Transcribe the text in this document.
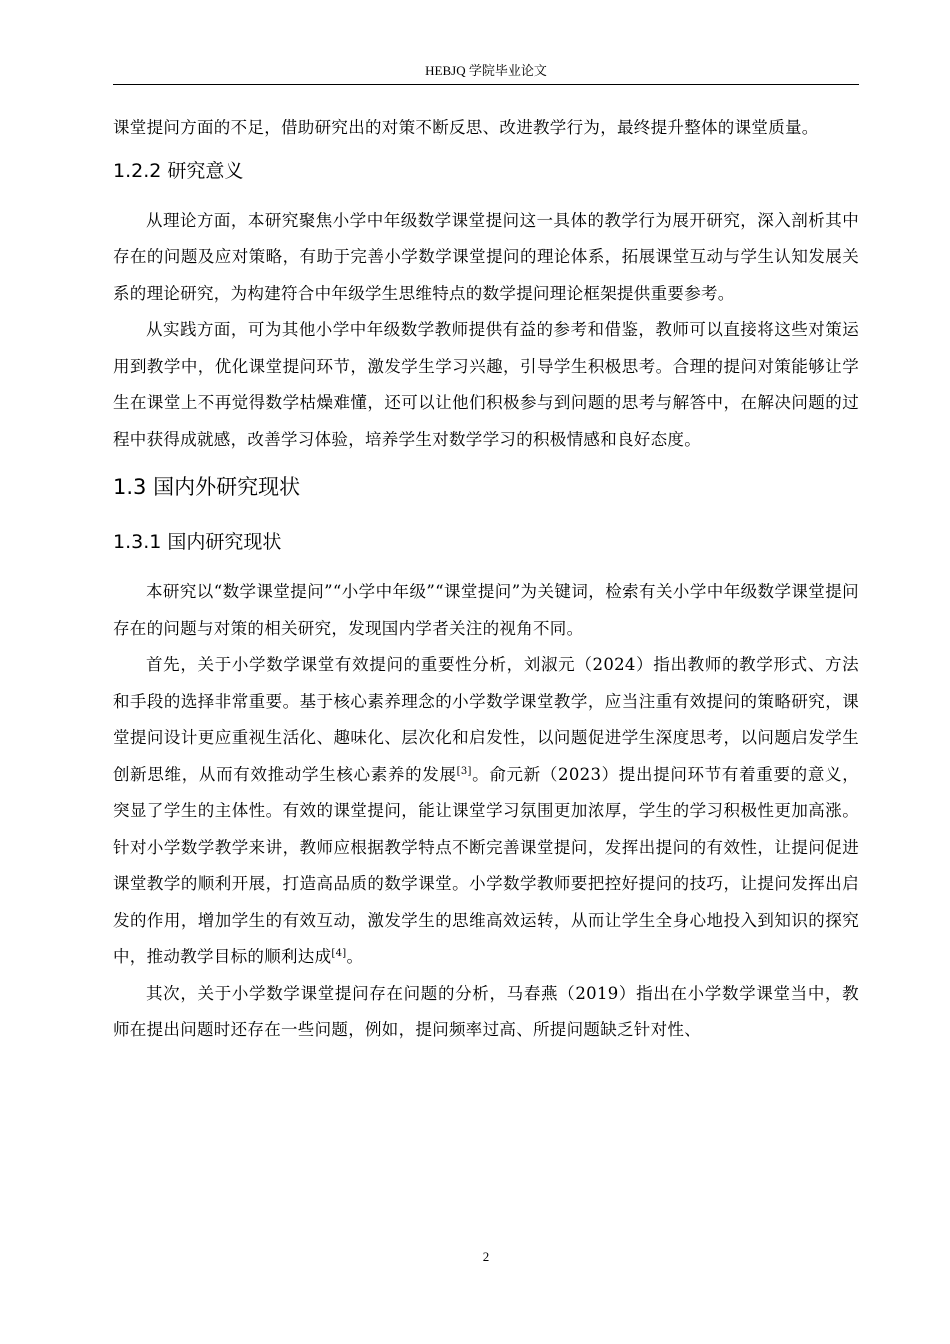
HEBJQ 学院毕业论文

课堂提问方面的不足，借助研究出的对策不断反思、改进教学行为，最终提升整体的课堂质量。

1.2.2 研究意义

从理论方面，本研究聚焦小学中年级数学课堂提问这一具体的教学行为展开研究，深入剖析其中存在的问题及应对策略，有助于完善小学数学课堂提问的理论体系，拓展课堂互动与学生认知发展关系的理论研究，为构建符合中年级学生思维特点的数学提问理论框架提供重要参考。

从实践方面，可为其他小学中年级数学教师提供有益的参考和借鉴，教师可以直接将这些对策运用到教学中，优化课堂提问环节，激发学生学习兴趣，引导学生积极思考。合理的提问对策能够让学生在课堂上不再觉得数学枯燥难懂，还可以让他们积极参与到问题的思考与解答中，在解决问题的过程中获得成就感，改善学习体验，培养学生对数学学习的积极情感和良好态度。

1.3 国内外研究现状
1.3.1 国内研究现状

本研究以“数学课堂提问”“小学中年级”“课堂提问”为关键词，检索有关小学中年级数学课堂提问存在的问题与对策的相关研究，发现国内学者关注的视角不同。

首先，关于小学数学课堂有效提问的重要性分析，刘淑元（2024）指出教师的教学形式、方法和手段的选择非常重要。基于核心素养理念的小学数学课堂教学，应当注重有效提问的策略研究，课堂提问设计更应重视生活化、趣味化、层次化和启发性，以问题促进学生深度思考，以问题启发学生创新思维，从而有效推动学生核心素养的发展[3]。俞元新（2023）提出提问环节有着重要的意义，突显了学生的主体性。有效的课堂提问，能让课堂学习氛围更加浓厚，学生的学习积极性更加高涨。针对小学数学教学来讲，教师应根据教学特点不断完善课堂提问，发挥出提问的有效性，让提问促进课堂教学的顺利开展，打造高品质的数学课堂。小学数学教师要把控好提问的技巧，让提问发挥出启发的作用，增加学生的有效互动，激发学生的思维高效运转，从而让学生全身心地投入到知识的探究中，推动教学目标的顺利达成[4]。

其次，关于小学数学课堂提问存在问题的分析，马春燕（2019）指出在小学数学课堂当中，教师在提出问题时还存在一些问题，例如，提问频率过高、所提问题缺乏针对性、

2
